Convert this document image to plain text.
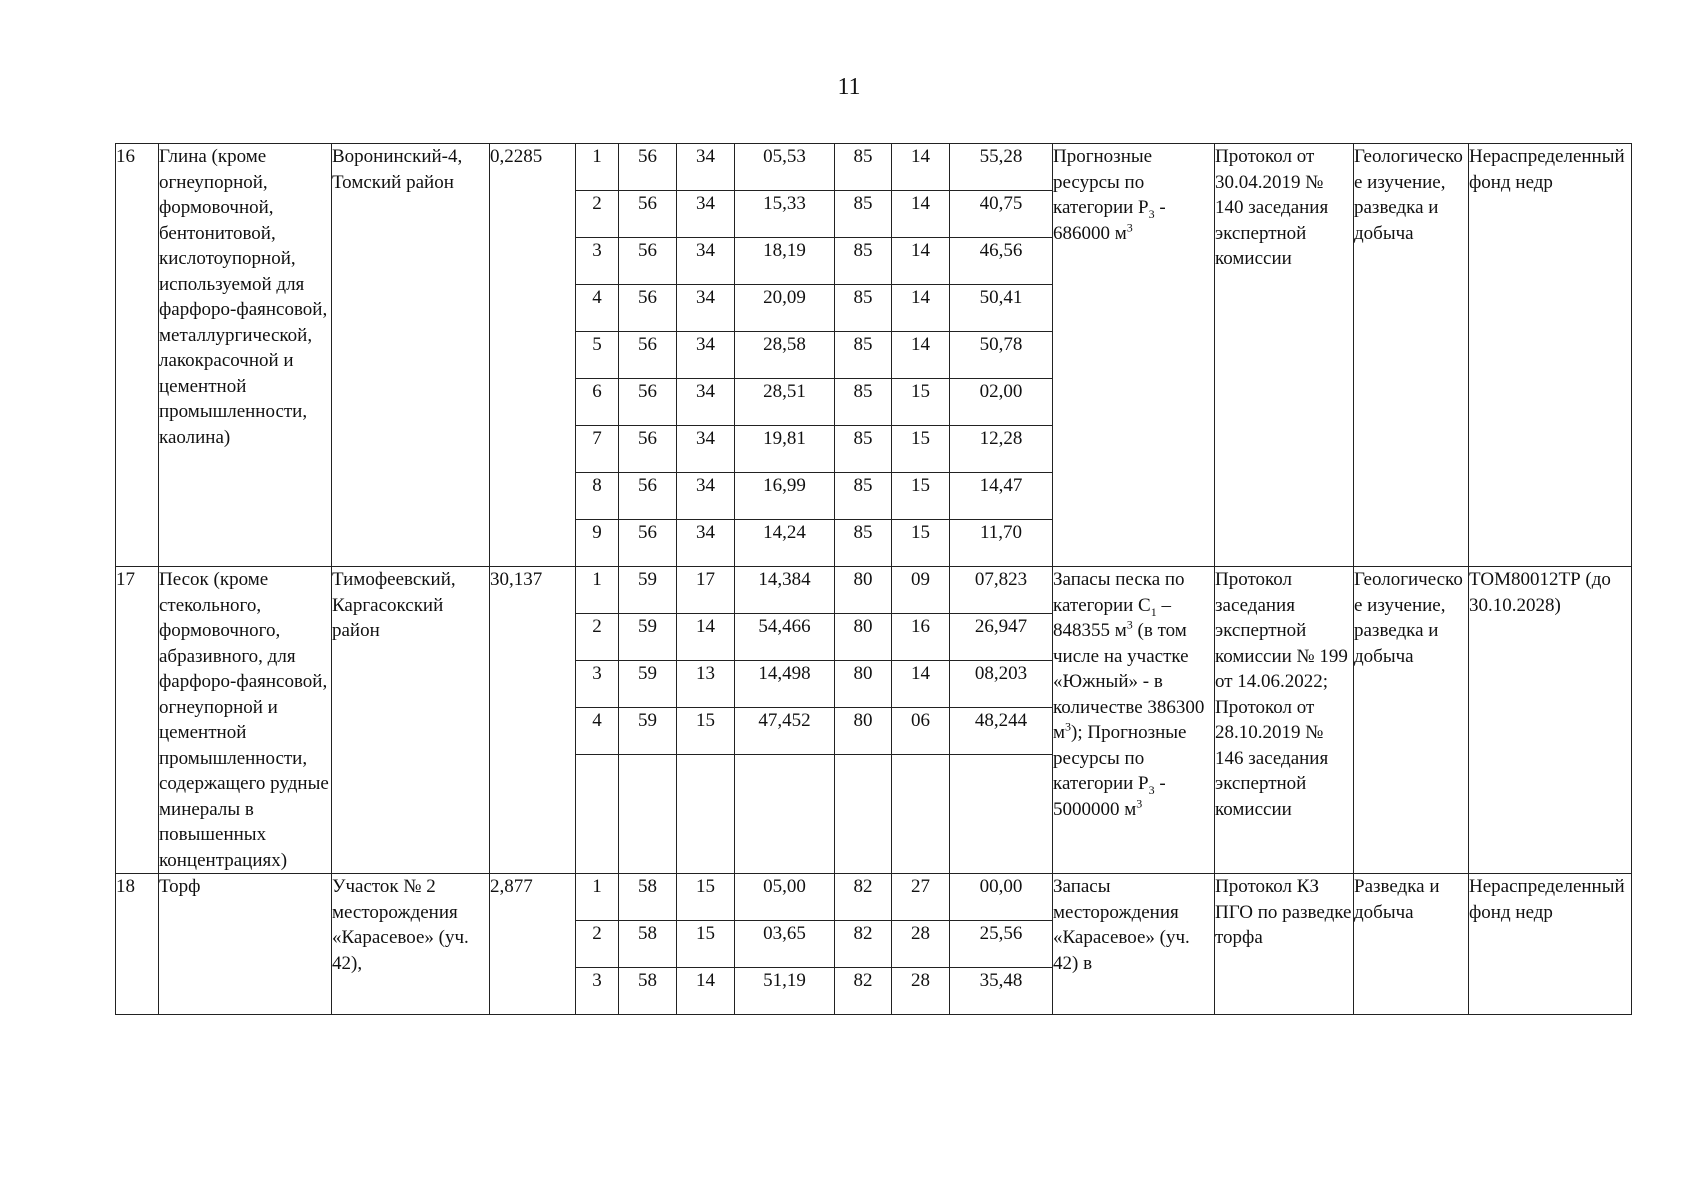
11
16	Глина (кроме огнеупорной, формовочной, бентонитовой, кислотоупорной, используемой для фарфоро-фаянсовой, металлургической, лакокрасочной и цементной промышленности, каолина)	Воронинский-4, Томский район	0,2285	1	56	34	05,53	85	14	55,28	Прогнозные ресурсы по категории $Р_3 - 686000$ $м^3$	Протокол от 30.04.2019 № 140 заседания экспертной комиссии	Геологическое изучение, разведка и добыча	Нераспределенный фонд недр

				2	56	34	15,33	85	14	40,75				

				3	56	34	18,19	85	14	46,56				

				4	56	34	20,09	85	14	50,41				

				5	56	34	28,58	85	14	50,78				

				6	56	34	28,51	85	15	02,00				

				7	56	34	19,81	85	15	12,28				

				8	56	34	16,99	85	15	14,47				

				9	56	34	14,24	85	15	11,70				

17	Песок (кроме стекольного, формовочного, абразивного, для фарфоро-фаянсовой, огнеупорной и цементной промышленности, содержащего рудные минералы в повышенных концентрациях)	Тимофеевский, Каргасокский район	30,137	1	59	17	14,384	80	09	07,823	Запасы песка по категории $С_1 - 848355$ $м^3$ (в том числе на участке «Южный» - в количестве 386300 $м^3$); Прогнозные ресурсы по категории $Р_3 - 5000000$ $м^3$	Протокол заседания экспертной комиссии № 199 от 14.06.2022; Протокол от 28.10.2019 № 146 заседания экспертной комиссии	Геологическое изучение, разведка и добыча	ТОМ80012ТР (до 30.10.2028)

				2	59	14	54,466	80	16	26,947				

				3	59	13	14,498	80	14	08,203				

				4	59	15	47,452	80	06	48,244				

18	Торф	Участок № 2 месторождения «Карасевое» (уч. 42),	2,877	1	58	15	05,00	82	27	00,00	Запасы месторождения «Карасевое» (уч. 42) в	Протокол КЗ ПГО по разведке торфа	Разведка и добыча	Нераспределенный фонд недр

				2	58	15	03,65	82	28	25,56				

				3	58	14	51,19	82	28	35,48				
